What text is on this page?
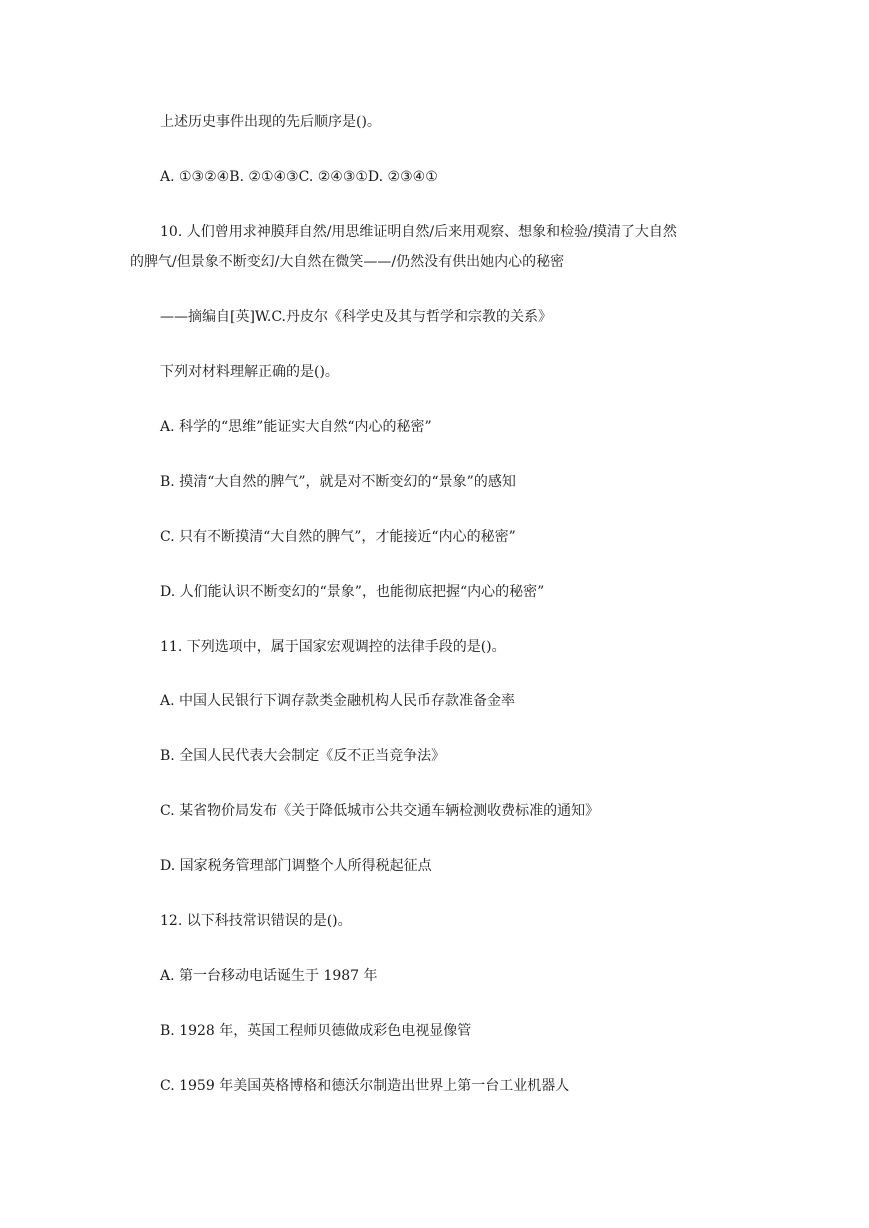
上述历史事件出现的先后顺序是()。
A. ①③②④B. ②①④③C. ②④③①D. ②③④①
10. 人们曾用求神膜拜自然/用思维证明自然/后来用观察、想象和检验/摸清了大自然
的脾气/但景象不断变幻/大自然在微笑——/仍然没有供出她内心的秘密
——摘编自[英]W.C.丹皮尔《科学史及其与哲学和宗教的关系》
下列对材料理解正确的是()。
A. 科学的“思维”能证实大自然“内心的秘密”
B. 摸清“大自然的脾气”，就是对不断变幻的“景象”的感知
C. 只有不断摸清“大自然的脾气”，才能接近“内心的秘密”
D. 人们能认识不断变幻的“景象”，也能彻底把握“内心的秘密”
11. 下列选项中，属于国家宏观调控的法律手段的是()。
A. 中国人民银行下调存款类金融机构人民币存款准备金率
B. 全国人民代表大会制定《反不正当竞争法》
C. 某省物价局发布《关于降低城市公共交通车辆检测收费标准的通知》
D. 国家税务管理部门调整个人所得税起征点
12. 以下科技常识错误的是()。
A. 第一台移动电话诞生于 1987 年
B. 1928 年，英国工程师贝德做成彩色电视显像管
C. 1959 年美国英格博格和德沃尔制造出世界上第一台工业机器人
